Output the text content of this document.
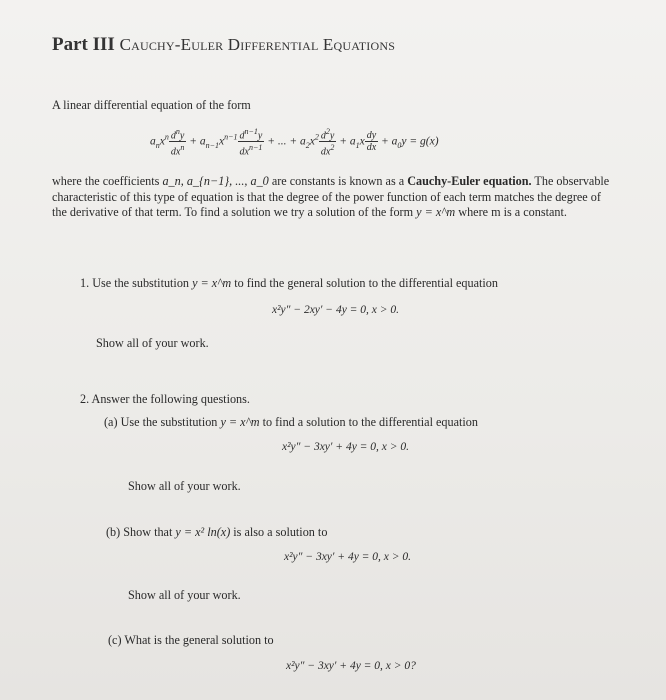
Part III Cauchy-Euler Differential Equations
A linear differential equation of the form
$a_nx^n \frac{d^ny}{dx^n} + a_{n-1}x^{n-1} \frac{d^{n-1}y}{dx^{n-1}}$ + ... + $a_2x^2 \frac{d^2y}{dx^2} + a_1x \frac{dy}{dx} + a_0y = g(x)$
where the coefficients a_n, a_{n−1}, ..., a_0 are constants is known as a Cauchy-Euler equation. The observable characteristic of this type of equation is that the degree of the power function of each term matches the degree of the derivative of that term. To find a solution we try a solution of the form y = x^m where m is a constant.
1. Use the substitution y = x^m to find the general solution to the differential equation
x²y″ − 2xy′ − 4y = 0, x > 0.
Show all of your work.
2. Answer the following questions.
(a) Use the substitution y = x^m to find a solution to the differential equation
x²y″ − 3xy′ + 4y = 0, x > 0.
Show all of your work.
(b) Show that y = x² ln(x) is also a solution to
x²y″ − 3xy′ + 4y = 0, x > 0.
Show all of your work.
(c) What is the general solution to
x²y″ − 3xy′ + 4y = 0, x > 0?
